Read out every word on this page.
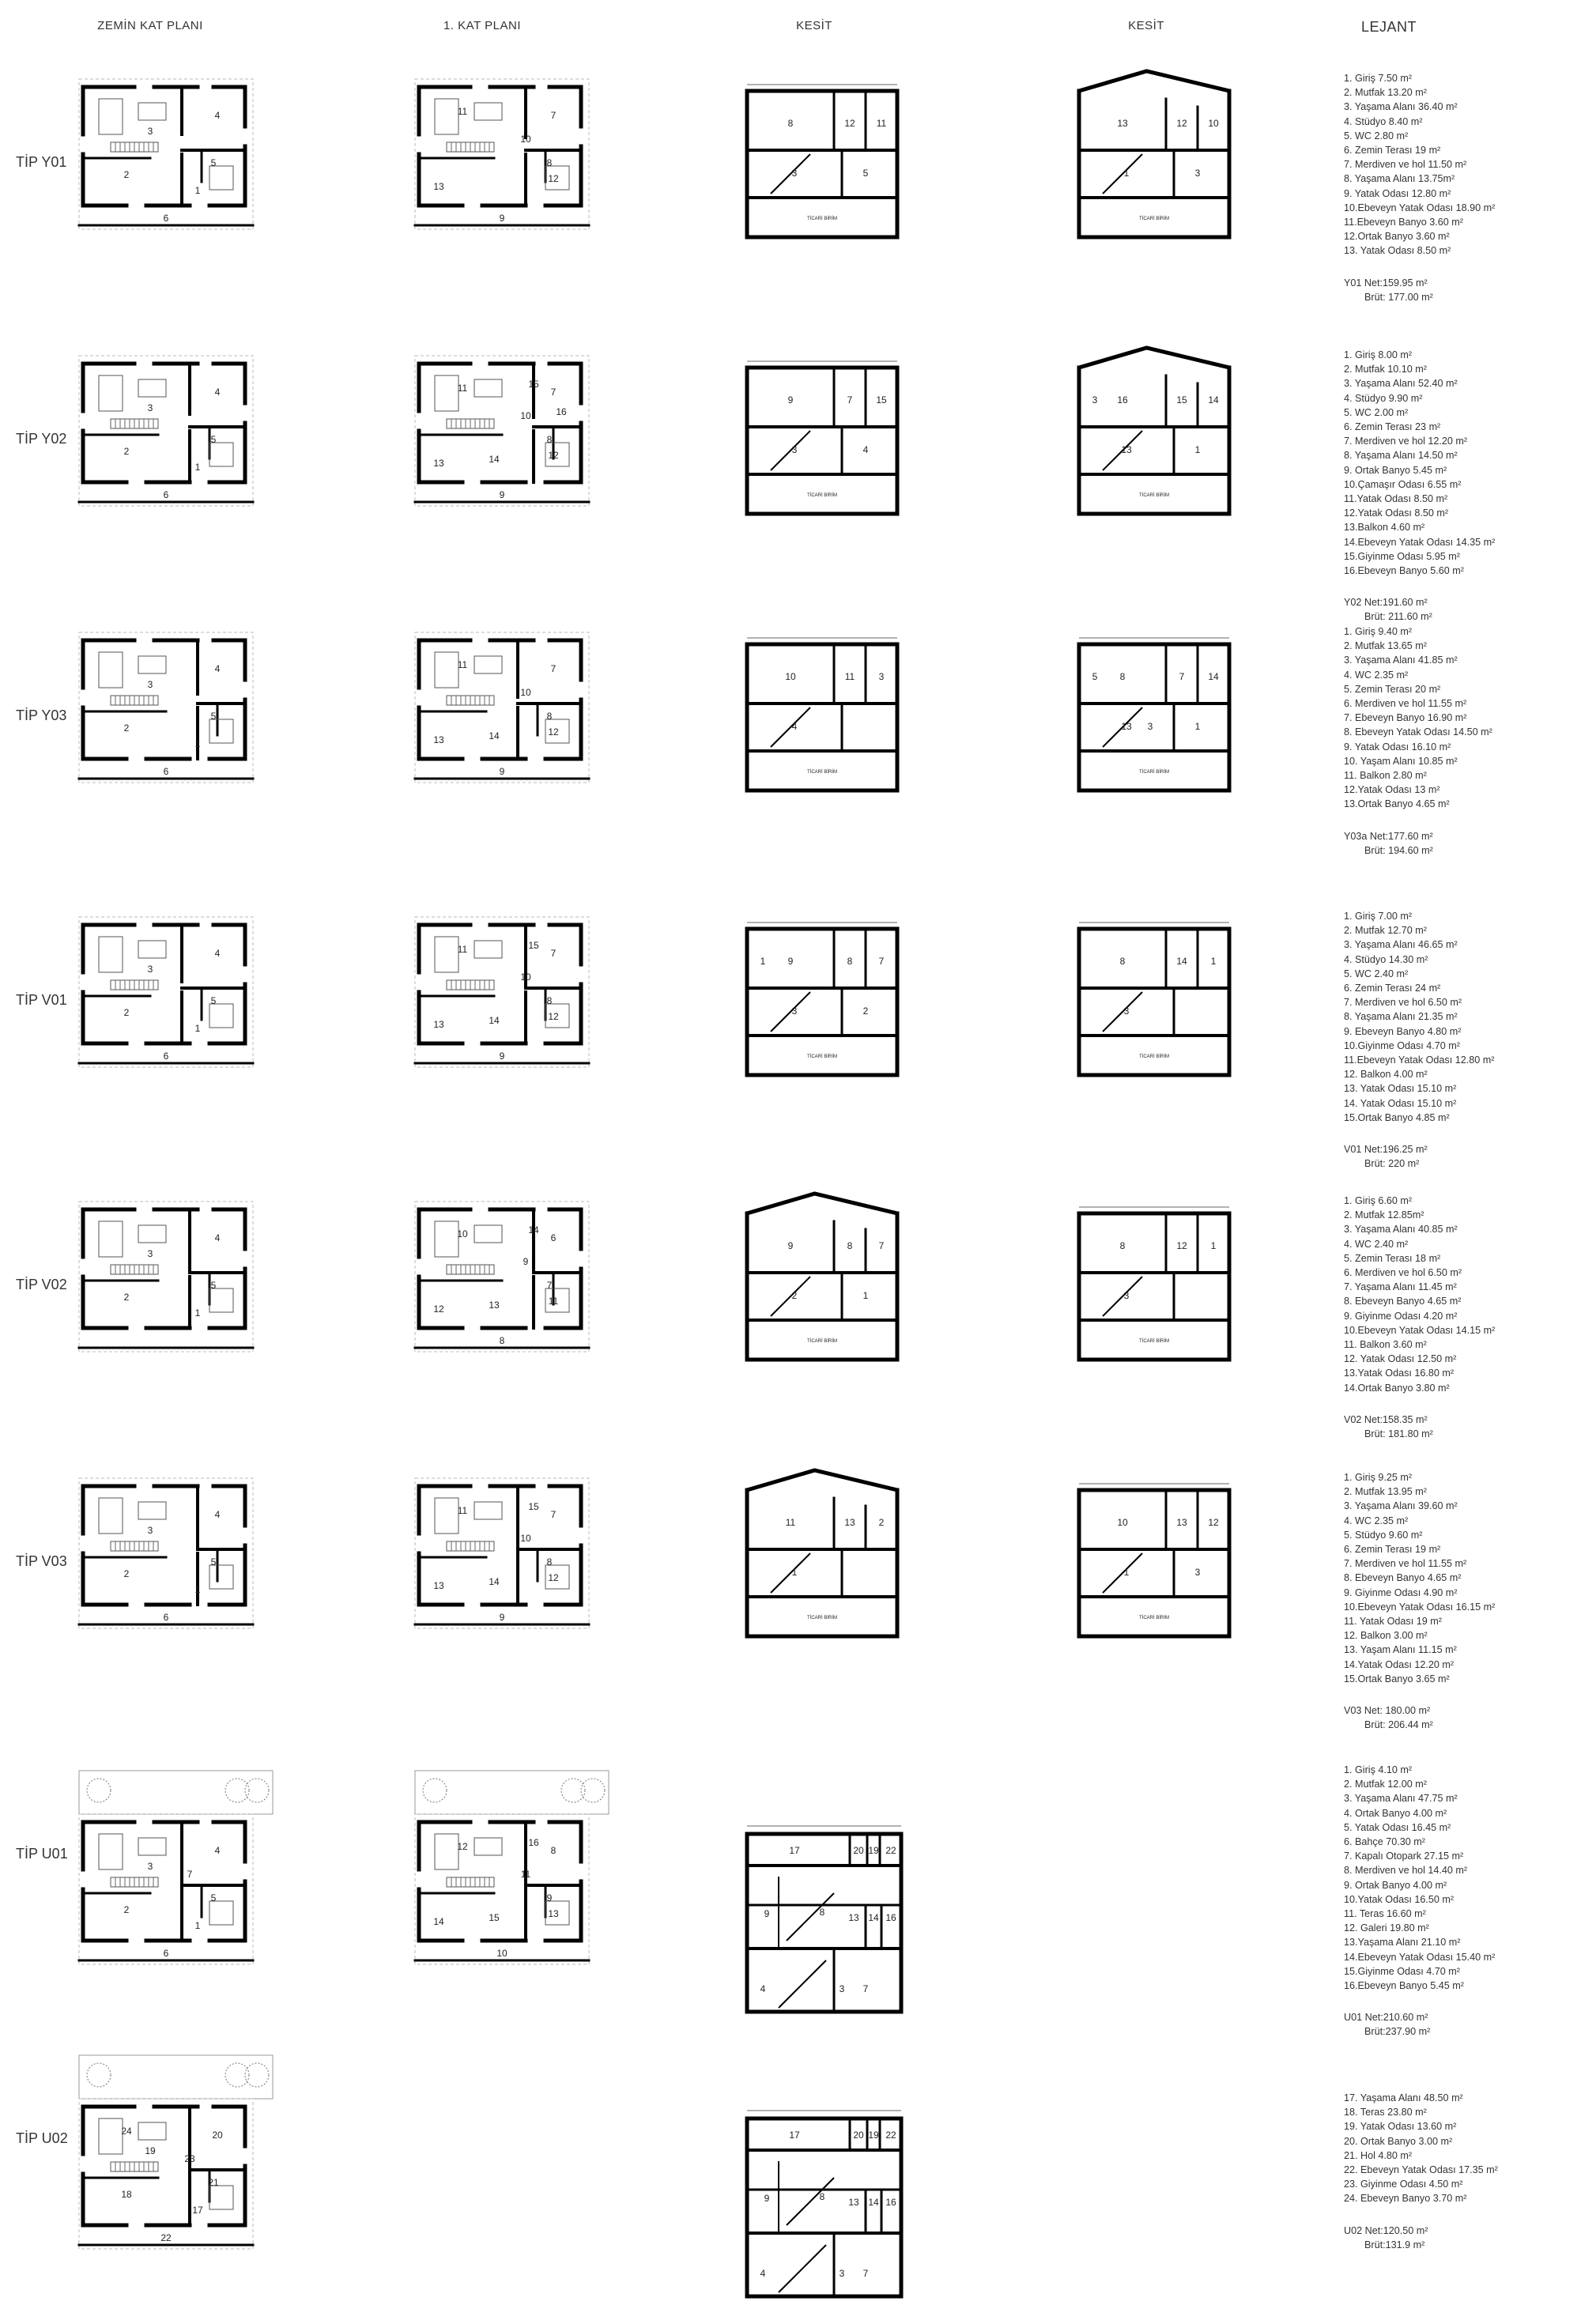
ZEMİN KAT PLANI	1. KAT PLANI	KESİT	KESİT	LEJANT
TİP Y01
1
2
3
4
5
6
7
8
9
10
11
12
13
TİCARİ BİRİM
8	12 11
3	5
TİCARİ BİRİM
13	12 10
1	3
1. Giriş 7.50 m²
2. Mutfak 13.20 m²
3. Yaşama Alanı 36.40 m²
4. Stüdyo 8.40 m²
5. WC 2.80 m²
6. Zemin Terası 19 m²
7. Merdiven ve hol 11.50 m²
8. Yaşama Alanı 13.75m²
9. Yatak Odası 12.80 m²
10.Ebeveyn Yatak Odası 18.90 m²
11.Ebeveyn Banyo 3.60 m²
12.Ortak Banyo 3.60 m²
13. Yatak Odası 8.50 m²
Y01 Net:159.95 m²
Brüt: 177.00 m²
TİP Y02
1
2
3
4
5
6
7
8
9
10
11
12
13	14
15
16
TİCARİ BİRİM
9	7 15
3	4
TİCARİ BİRİM
16	15 14
13	1
3
1. Giriş 8.00 m²
2. Mutfak 10.10 m²
3. Yaşama Alanı 52.40 m²
4. Stüdyo 9.90 m²
5. WC 2.00 m²
6. Zemin Terası 23 m²
7. Merdiven ve hol 12.20 m²
8. Yaşama Alanı 14.50 m²
9. Ortak Banyo 5.45 m²
10.Çamaşır Odası 6.55 m²
11.Yatak Odası 8.50 m²
12.Yatak Odası 8.50 m²
13.Balkon 4.60 m²
14.Ebeveyn Yatak Odası 14.35 m²
15.Giyinme Odası 5.95 m²
16.Ebeveyn Banyo 5.60 m²
Y02 Net:191.60 m²
Brüt: 211.60 m²
TİP Y03
1
2
3
4
5
6
7
8
9
10
11
12
13	14
TİCARİ BİRİM
10	11	3
4
TİCARİ BİRİM
8	7 14
13	1
5
3
1. Giriş 9.40 m²
2. Mutfak 13.65 m²
3. Yaşama Alanı 41.85 m²
4. WC 2.35 m²
5. Zemin Terası 20 m²
6. Merdiven ve hol 11.55 m²
7. Ebeveyn Banyo 16.90 m²
8. Ebeveyn Yatak Odası 14.50 m²
9. Yatak Odası 16.10 m²
10. Yaşam Alanı 10.85 m²
11. Balkon 2.80 m²
12.Yatak Odası 13 m²
13.Ortak Banyo 4.65 m²
Y03a Net:177.60 m²
Brüt: 194.60 m²
TİP V01
1
2
3
4
5
6
7
8
9
10
11
12
13	14
15
TİCARİ BİRİM
9	8	7
3	2
1
TİCARİ BİRİM
8	14 1
3
1. Giriş 7.00 m²
2. Mutfak 12.70 m²
3. Yaşama Alanı 46.65 m²
4. Stüdyo 14.30 m²
5. WC 2.40 m²
6. Zemin Terası 24 m²
7. Merdiven ve hol 6.50 m²
8. Yaşama Alanı 21.35 m²
9. Ebeveyn Banyo 4.80 m²
10.Giyinme Odası 4.70 m²
11.Ebeveyn Yatak Odası 12.80 m²
12. Balkon 4.00 m²
13. Yatak Odası 15.10 m²
14. Yatak Odası 15.10 m²
15.Ortak Banyo 4.85 m²
V01 Net:196.25 m²
Brüt: 220 m²
TİP V02
1
2
3
4
5
6
7
8
9
10
11
12	13
14
TİCARİ BİRİM
9	8	7
2	1
TİCARİ BİRİM
8	12 1
3
1. Giriş 6.60 m²
2. Mutfak 12.85m²
3. Yaşama Alanı 40.85 m²
4. WC 2.40 m²
5. Zemin Terası 18 m²
6. Merdiven ve hol 6.50 m²
7. Yaşama Alanı 11.45 m²
8. Ebeveyn Banyo 4.65 m²
9. Giyinme Odası 4.20 m²
10.Ebeveyn Yatak Odası 14.15 m²
11. Balkon 3.60 m²
12. Yatak Odası 12.50 m²
13.Yatak Odası 16.80 m²
14.Ortak Banyo 3.80 m²
V02 Net:158.35 m²
Brüt: 181.80 m²
TİP V03
1
2
3
4
5
6
7
8
9
10
11
12
13	14
15
TİCARİ BİRİM
11	13 2
1
TİCARİ BİRİM
10	13 12
1	3
1. Giriş 9.25 m²
2. Mutfak 13.95 m²
3. Yaşama Alanı 39.60 m²
4. WC 2.35 m²
5. Stüdyo 9.60 m²
6. Zemin Terası 19 m²
7. Merdiven ve hol 11.55 m²
8. Ebeveyn Banyo 4.65 m²
9. Giyinme Odası 4.90 m²
10.Ebeveyn Yatak Odası 16.15 m²
11. Yatak Odası 19 m²
12. Balkon 3.00 m²
13. Yaşam Alanı 11.15 m²
14.Yatak Odası 12.20 m²
15.Ortak Banyo 3.65 m²
V03 Net: 180.00 m²
Brüt: 206.44 m²
TİP U01
1
2
3
4
5
6
7
8
9
10
11
12
13
14	15
16
17	20 19 22
9	8 13 14 16
4	3 7
1. Giriş 4.10 m²
2. Mutfak 12.00 m²
3. Yaşama Alanı 47.75 m²
4. Ortak Banyo 4.00 m²
5. Yatak Odası 16.45 m²
6. Bahçe 70.30 m²
7. Kapalı Otopark 27.15 m²
8. Merdiven ve hol 14.40 m²
9. Ortak Banyo 4.00 m²
10.Yatak Odası 16.50 m²
11. Teras 16.60 m²
12. Galeri 19.80 m²
13.Yaşama Alanı 21.10 m²
14.Ebeveyn Yatak Odası 15.40 m²
15.Giyinme Odası 4.70 m²
16.Ebeveyn Banyo 5.45 m²
U01 Net:210.60 m²
Brüt:237.90 m²
TİP U02
17
18
19
20
21
22
23
24	17	20 19 22
9	8 13 14 16
4	3 7
17. Yaşama Alanı 48.50 m²
18. Teras 23.80 m²
19. Yatak Odası 13.60 m²
20. Ortak Banyo 3.00 m²
21. Hol 4.80 m²
22. Ebeveyn Yatak Odası 17.35 m²
23. Giyinme Odası 4.50 m²
24. Ebeveyn Banyo 3.70 m²
U02 Net:120.50 m²
Brüt:131.9 m²
